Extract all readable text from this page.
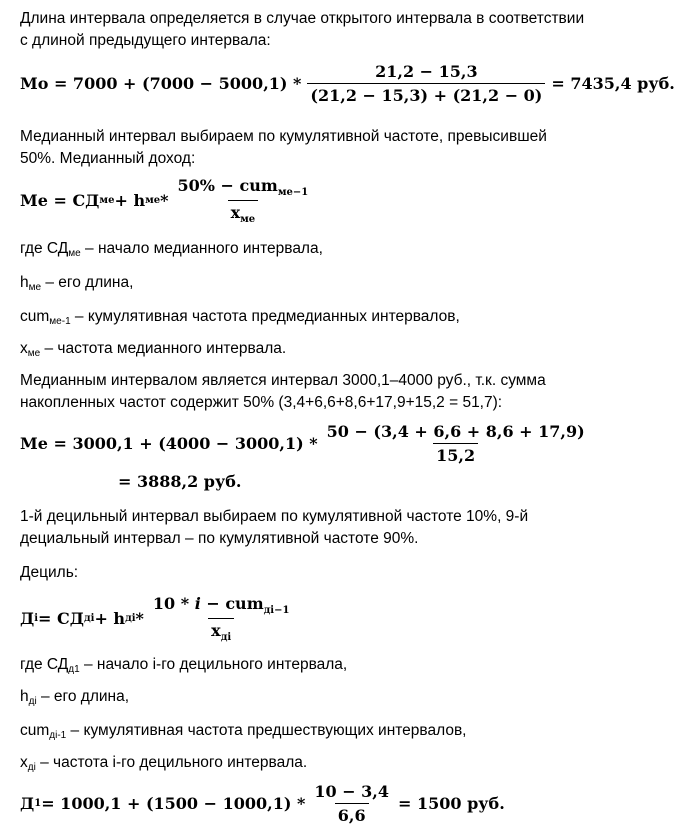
Длина интервала определяется в случае открытого интервала в соответствии
с длиной предыдущего интервала:
$Mo = 7000 + (7000 - 5000,1) * \frac{21,2 - 15,3}{(21,2 - 15,3) + (21,2 - 0)} = 7435,4$ руб.
Медианный интервал выбираем по кумулятивной частоте, превысившей
50%. Медианный доход:
Me = СД ме + h ме * $\frac{50\% - cum_{ме-1}}{x_{ме}}$
где СДме – начало медианного интервала,
hме – его длина,
cumме-1 – кумулятивная частота предмедианных интервалов,
xме – частота медианного интервала.
Медианным интервалом является интервал 3000,1–4000 руб., т.к. сумма
накопленных частот содержит 50% (3,4+6,6+8,6+17,9+15,2 = 51,7):
$Me = 3000,1 + (4000 - 3000,1) * \frac{50 - (3,4 + 6,6 + 8,6 + 17,9)}{15,2}$
= 3888,2 руб.
1-й децильный интервал выбираем по кумулятивной частоте 10%, 9-й
дециальный интервал – по кумулятивной частоте 90%.
Дециль:
Д i = СД дi + h дi * $\frac{10 * i - cum_{дi-1}}{x_{дi}}$
где СДд1 – начало i-го децильного интервала,
hдi – его длина,
cumдi-1 – кумулятивная частота предшествующих интервалов,
xдi – частота i-го децильного интервала.
Д $1 = 1000,1 + (1500 - 1000,1) * \frac{10 - 3,4}{6,6} = 1500$ руб.
